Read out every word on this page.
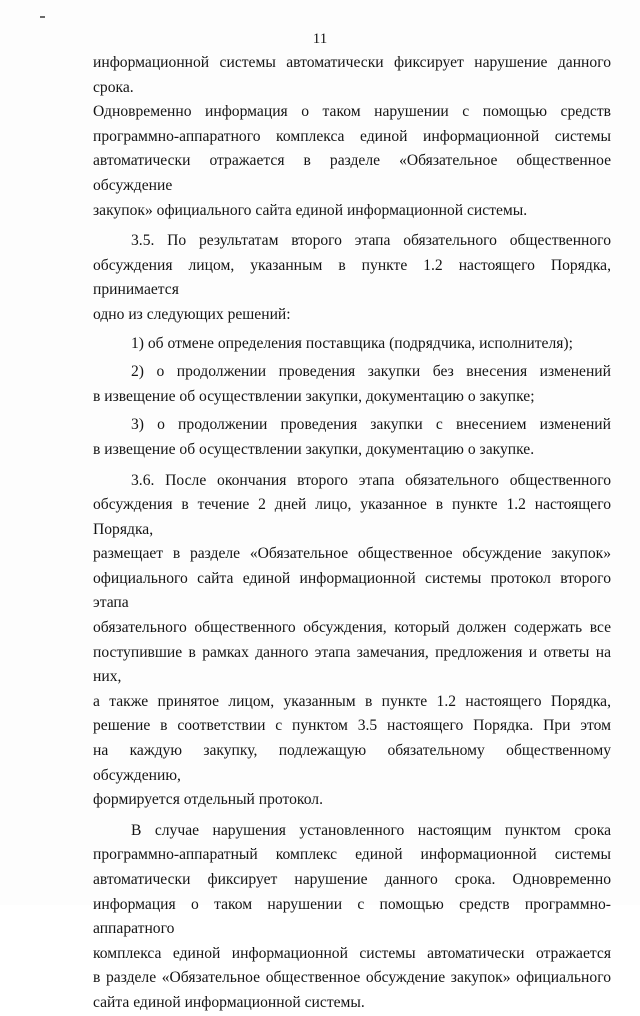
11

информационной системы автоматически фиксирует нарушение данного срока.
Одновременно информация о таком нарушении с помощью средств
программно-аппаратного комплекса единой информационной системы
автоматически отражается в разделе «Обязательное общественное обсуждение
закупок» официального сайта единой информационной системы.

3.5. По результатам второго этапа обязательного общественного
обсуждения лицом, указанным в пункте 1.2 настоящего Порядка, принимается
одно из следующих решений:

1) об отмене определения поставщика (подрядчика, исполнителя);

2) о продолжении проведения закупки без внесения изменений
в извещение об осуществлении закупки, документацию о закупке;

3) о продолжении проведения закупки с внесением изменений
в извещение об осуществлении закупки, документацию о закупке.

3.6. После окончания второго этапа обязательного общественного
обсуждения в течение 2 дней лицо, указанное в пункте 1.2 настоящего Порядка,
размещает в разделе «Обязательное общественное обсуждение закупок»
официального сайта единой информационной системы протокол второго этапа
обязательного общественного обсуждения, который должен содержать все
поступившие в рамках данного этапа замечания, предложения и ответы на них,
а также принятое лицом, указанным в пункте 1.2 настоящего Порядка,
решение в соответствии с пунктом 3.5 настоящего Порядка. При этом
на каждую закупку, подлежащую обязательному общественному обсуждению,
формируется отдельный протокол.

В случае нарушения установленного настоящим пунктом срока
программно-аппаратный комплекс единой информационной системы
автоматически фиксирует нарушение данного срока. Одновременно
информация о таком нарушении с помощью средств программно-аппаратного
комплекса единой информационной системы автоматически отражается
в разделе «Обязательное общественное обсуждение закупок» официального
сайта единой информационной системы.
